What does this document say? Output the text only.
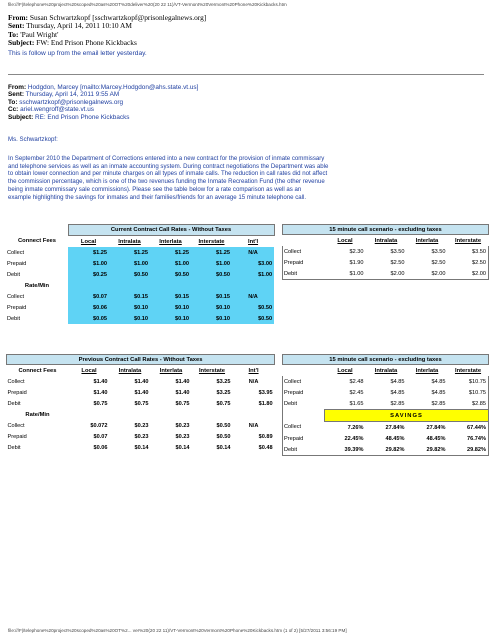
file:///F|/telephone%20project%20scoped%20as%20OT%20deliver%20(20 22 11)/VT-Vermont%20Vermont%20Phone%20Kickbacks.htm
From: Susan Schwartzkopf [sschwartzkopf@prisonlegalnews.org]
Sent: Thursday, April 14, 2011 10:10 AM
To: 'Paul Wright'
Subject: FW: End Prison Phone Kickbacks
This is follow up from the email letter yesterday.
From: Hodgdon, Marcey [mailto:Marcey.Hodgdon@ahs.state.vt.us]
Sent: Thursday, April 14, 2011 9:55 AM
To: sschwartzkopf@prisonlegalnews.org
Cc: ariel.wengroff@state.vt.us
Subject: RE: End Prison Phone Kickbacks
Ms. Schwartzkopf:
In September 2010 the Department of Corrections entered into a new contract for the provision of inmate commissary
and telephone services as well as an inmate accounting system. During contract negotiations the Department was able
to obtain lower connection and per minute charges on all types of inmate calls. The reduction in call rates did not affect
the commission percentage, which is one of the two revenues funding the Inmate Recreation Fund (the other revenue
being inmate commissary sale commissions). Please see the table below for a rate comparison as well as an
example highlighting the savings for inmates and their families/friends for an average 15 minute telephone call.
	Current Contract Call Rates - Without Taxes				
Connect Fees	Local	Intralata	Interlata	Interstate	Int'l
Collect	$1.25	$1.25	$1.25	$1.25	N/A
Prepaid	$1.00	$1.00	$1.00	$1.00	$3.00
Debit	$0.25	$0.50	$0.50	$0.50	$1.00
Rate/Min					
Collect	$0.07	$0.15	$0.15	$0.15	N/A
Prepaid	$0.06	$0.10	$0.10	$0.10	$0.50
Debit	$0.05	$0.10	$0.10	$0.10	$0.50
15 minute call scenario - excluding taxes				
	Local	Intralata	Interlata	Interstate
Collect	$2.30	$3.50	$3.50	$3.50
Prepaid	$1.90	$2.50	$2.50	$2.50
Debit	$1.00	$2.00	$2.00	$2.00
Previous Contract Call Rates - Without Taxes					
Connect Fees	Local	Intralata	Interlata	Interstate	Int'l
Collect	$1.40	$1.40	$1.40	$3.25	N/A
Prepaid	$1.40	$1.40	$1.40	$3.25	$3.95
Debit	$0.75	$0.75	$0.75	$0.75	$1.80
Rate/Min					
Collect	$0.072	$0.23	$0.23	$0.50	N/A
Prepaid	$0.07	$0.23	$0.23	$0.50	$0.89
Debit	$0.06	$0.14	$0.14	$0.14	$0.48
15 minute call scenario - excluding taxes				
	Local	Intralata	Interlata	Interstate
Collect	$2.48	$4.85	$4.85	$10.75
Prepaid	$2.45	$4.85	$4.85	$10.75
Debit	$1.65	$2.85	$2.85	$2.85
	SAVINGS			
Collect	7.26%	27.84%	27.84%	67.44%
Prepaid	22.45%	48.45%	48.45%	76.74%
Debit	39.39%	29.82%	29.82%	29.82%
file:///F|/telephone%20project%20scoped%20as%20OT%2... ver%20(20 22 11)/VT-Vermont%20Vermont%20Phone%20Kickbacks.htm (1 of 2) [5/27/2011 3:56:19 PM]
